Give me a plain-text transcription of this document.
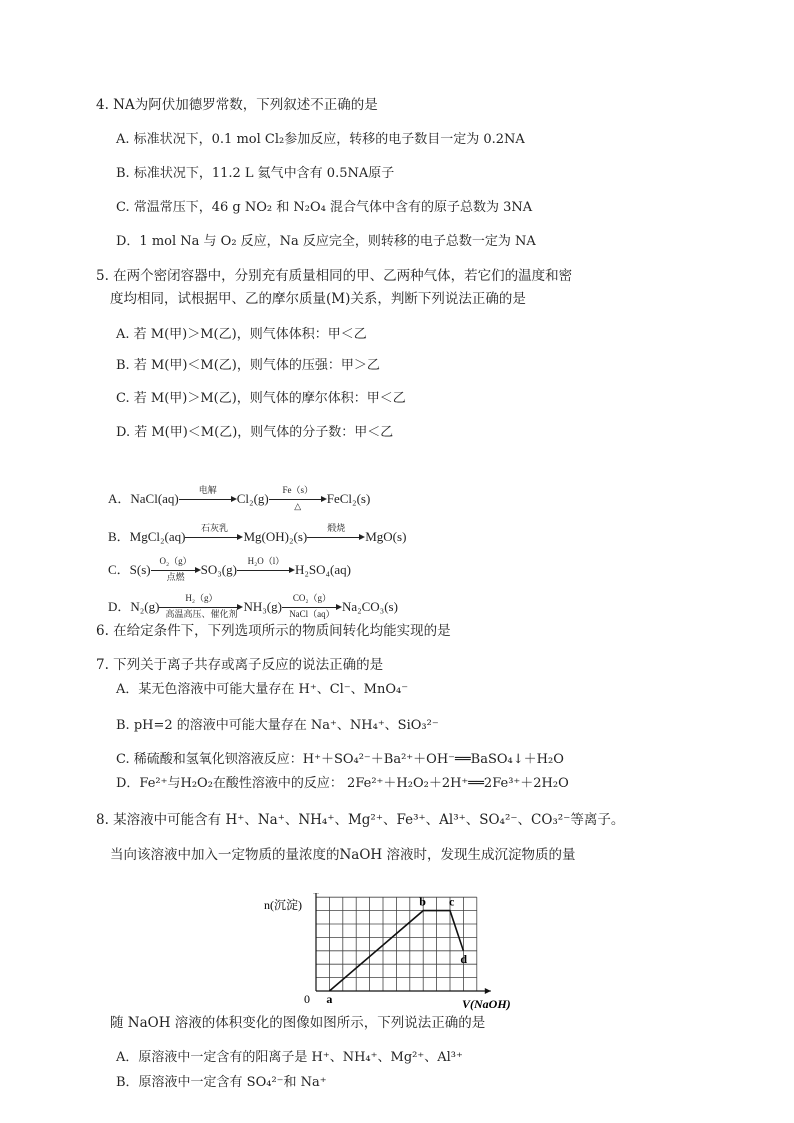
4. NA为阿伏加德罗常数，下列叙述不正确的是
A. 标准状况下，0.1 mol Cl₂参加反应，转移的电子数目一定为 0.2NA
B. 标准状况下，11.2 L 氦气中含有 0.5NA原子
C. 常温常压下，46 g NO₂ 和 N₂O₄ 混合气体中含有的原子总数为 3NA
D．1 mol Na 与 O₂ 反应，Na 反应完全，则转移的电子总数一定为 NA
5. 在两个密闭容器中，分别充有质量相同的甲、乙两种气体，若它们的温度和密
度均相同，试根据甲、乙的摩尔质量(M)关系，判断下列说法正确的是
A. 若 M(甲)＞M(乙)，则气体体积：甲＜乙
B. 若 M(甲)＜M(乙)，则气体的压强：甲＞乙
C. 若 M(甲)＞M(乙)，则气体的摩尔体积：甲＜乙
D. 若 M(甲)＜M(乙)，则气体的分子数：甲＜乙
A．NaCl(aq)
电解
Cl₂(g)
Fe（s）
△
FeCl₂(s)
B．MgCl₂(aq)
石灰乳
Mg(OH)₂(s)
煅烧
MgO(s)
C．S(s)
O₂（g）
点燃
SO₃(g)
H₂O（l）
H₂SO₄(aq)
D．N₂(g)
H₂（g）
高温高压、催化剂
NH₃(g)
CO₂（g）
NaCl（aq）
Na₂CO₃(s)
6. 在给定条件下，下列选项所示的物质间转化均能实现的是
7. 下列关于离子共存或离子反应的说法正确的是
A．某无色溶液中可能大量存在 H⁺、Cl⁻、MnO₄⁻
B. pH=2 的溶液中可能大量存在 Na⁺、NH₄⁺、SiO₃²⁻
C. 稀硫酸和氢氧化钡溶液反应：H⁺＋SO₄²⁻＋Ba²⁺＋OH⁻══BaSO₄↓＋H₂O
D．Fe²⁺与H₂O₂在酸性溶液中的反应： 2Fe²⁺＋H₂O₂＋2H⁺══2Fe³⁺＋2H₂O
8. 某溶液中可能含有 H⁺、Na⁺、NH₄⁺、Mg²⁺、Fe³⁺、Al³⁺、SO₄²⁻、CO₃²⁻等离子。
当向该溶液中加入一定物质的量浓度的NaOH 溶液时，发现生成沉淀物质的量
a
b c
d
n(沉淀)
V(NaOH)
0
随 NaOH 溶液的体积变化的图像如图所示，下列说法正确的是
A．原溶液中一定含有的阳离子是 H⁺、NH₄⁺、Mg²⁺、Al³⁺
B．原溶液中一定含有 SO₄²⁻和 Na⁺
